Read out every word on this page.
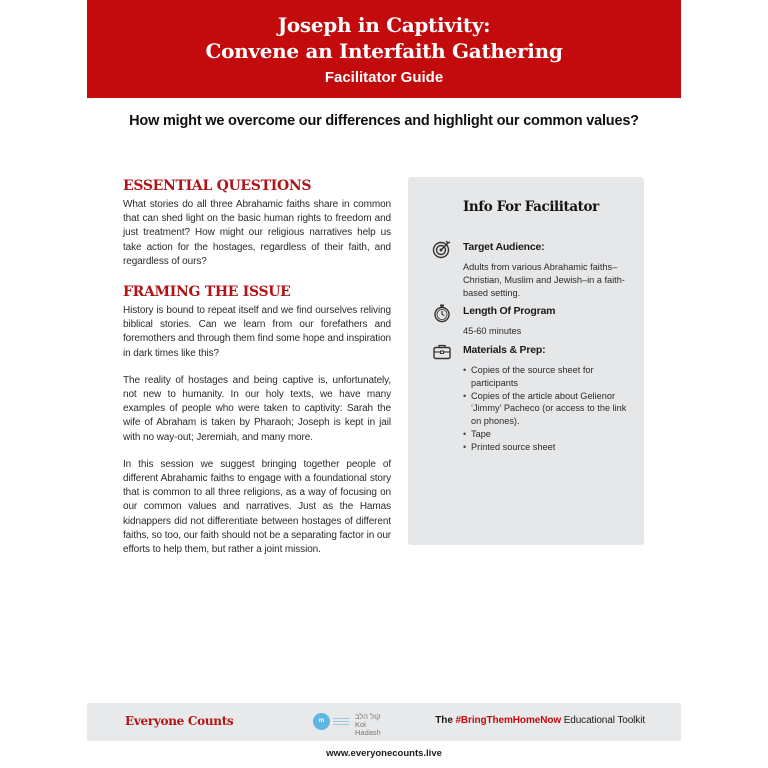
Joseph in Captivity:
Convene an Interfaith Gathering
Facilitator Guide
How might we overcome our differences and highlight our common values?
ESSENTIAL QUESTIONS
What stories do all three Abrahamic faiths share in common that can shed light on the basic human rights to freedom and just treatment? How might our religious narratives help us take action for the hostages, regardless of their faith, and regardless of ours?
FRAMING THE ISSUE
History is bound to repeat itself and we find ourselves reliving biblical stories. Can we learn from our forefathers and foremothers and through them find some hope and inspiration in dark times like this?
The reality of hostages and being captive is, unfortunately, not new to humanity. In our holy texts, we have many examples of people who were taken to captivity: Sarah the wife of Abraham is taken by Pharaoh; Joseph is kept in jail with no way-out; Jeremiah, and many more.
In this session we suggest bringing together people of different Abrahamic faiths to engage with a foundational story that is common to all three religions, as a way of focusing on our common values and narratives. Just as the Hamas kidnappers did not differentiate between hostages of different faiths, so too, our faith should not be a separating factor in our efforts to help them, but rather a joint mission.
Info For Facilitator
Target Audience:
Adults from various Abrahamic faiths–Christian, Muslim and Jewish–in a faith-based setting.
Length Of Program
45-60 minutes
Materials & Prep:
• Copies of the source sheet for participants
• Copies of the article about Gelienor ‘Jimmy’ Pacheco (or access to the link on phones).
• Tape
• Printed source sheet
Everyone Counts	m	קול הלב
Kol Hadash
The #BringThemHomeNow Educational Toolkit
www.everyonecounts.live
